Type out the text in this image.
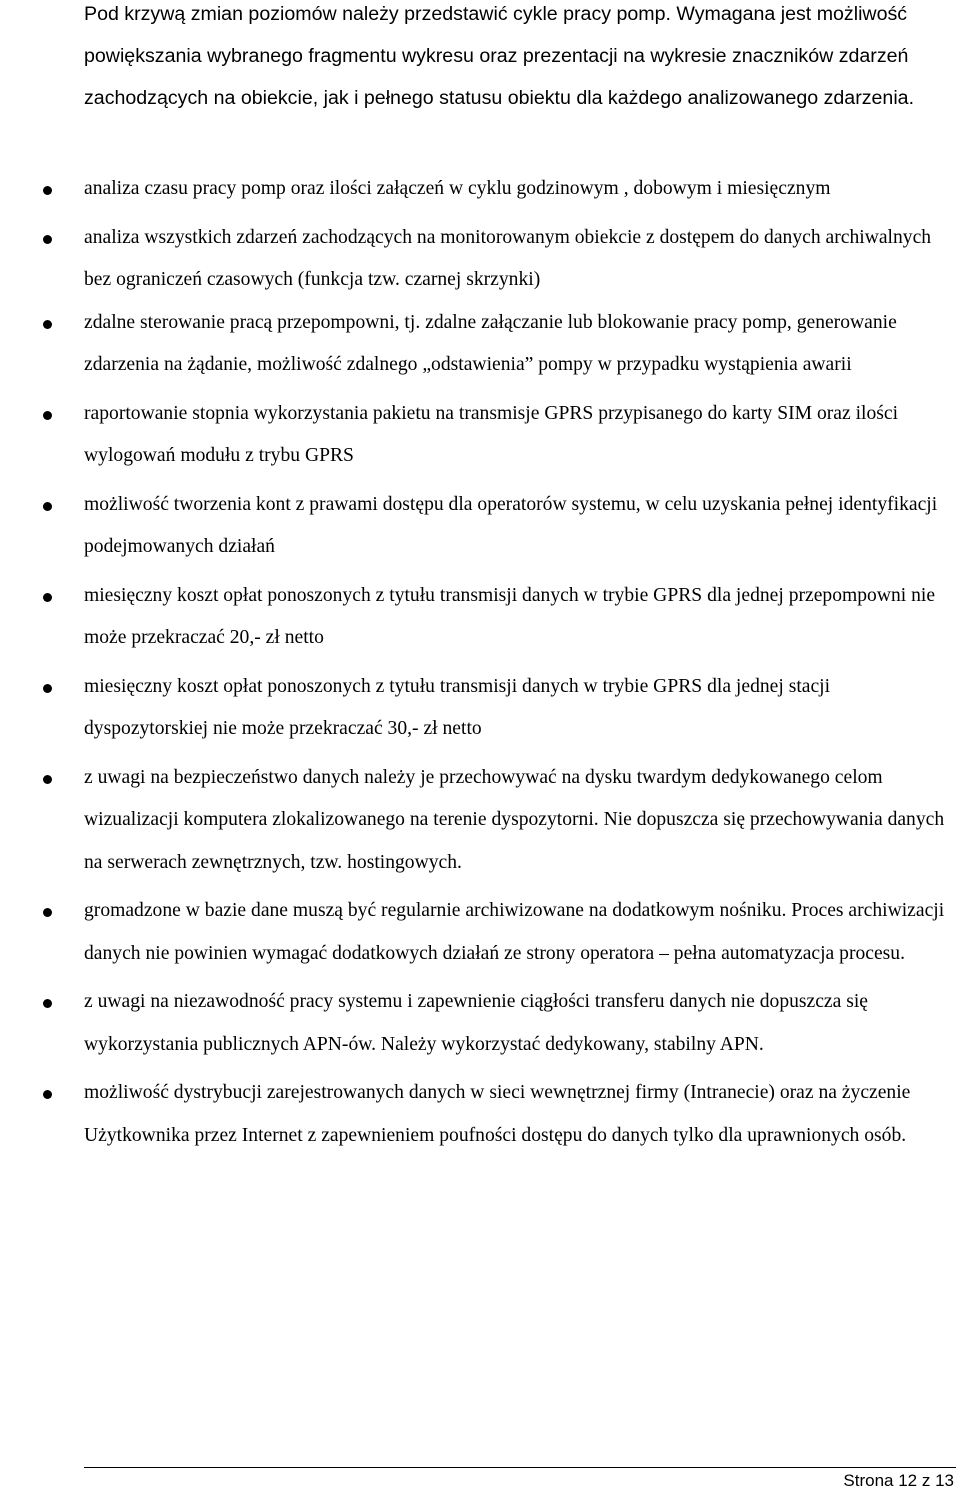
Pod krzywą zmian poziomów należy przedstawić cykle pracy pomp. Wymagana jest możliwość powiększania wybranego fragmentu wykresu oraz prezentacji na wykresie znaczników zdarzeń zachodzących na obiekcie, jak i pełnego statusu obiektu dla każdego analizowanego zdarzenia.

analiza czasu pracy pomp oraz ilości załączeń w cyklu godzinowym , dobowym i miesięcznym
analiza wszystkich zdarzeń zachodzących na monitorowanym obiekcie z dostępem do danych archiwalnych bez ograniczeń czasowych (funkcja tzw. czarnej skrzynki)
zdalne sterowanie pracą przepompowni, tj. zdalne załączanie lub blokowanie pracy pomp, generowanie zdarzenia na żądanie, możliwość zdalnego „odstawienia” pompy w przypadku wystąpienia awarii
raportowanie stopnia wykorzystania pakietu na transmisje GPRS przypisanego do karty SIM oraz ilości wylogowań modułu z trybu GPRS
możliwość tworzenia kont z prawami dostępu dla operatorów systemu, w celu uzyskania pełnej identyfikacji podejmowanych działań
miesięczny koszt opłat ponoszonych z tytułu transmisji danych w trybie GPRS dla jednej przepompowni nie może przekraczać 20,- zł netto
miesięczny koszt opłat ponoszonych z tytułu transmisji danych w trybie GPRS dla jednej stacji dyspozytorskiej nie może przekraczać 30,- zł netto
z uwagi na bezpieczeństwo danych należy je przechowywać na dysku twardym dedykowanego celom wizualizacji komputera zlokalizowanego na terenie dyspozytorni. Nie dopuszcza się przechowywania danych na serwerach zewnętrznych, tzw. hostingowych.
gromadzone w bazie dane muszą być regularnie archiwizowane na dodatkowym nośniku. Proces archiwizacji danych nie powinien wymagać dodatkowych działań ze strony operatora – pełna automatyzacja procesu.
z uwagi na niezawodność pracy systemu i zapewnienie ciągłości transferu danych nie dopuszcza się wykorzystania publicznych APN-ów. Należy wykorzystać dedykowany, stabilny APN.
możliwość dystrybucji zarejestrowanych danych w sieci wewnętrznej firmy (Intranecie) oraz na życzenie Użytkownika przez Internet z zapewnieniem poufności dostępu do danych tylko dla uprawnionych osób.
Strona 12 z 13
